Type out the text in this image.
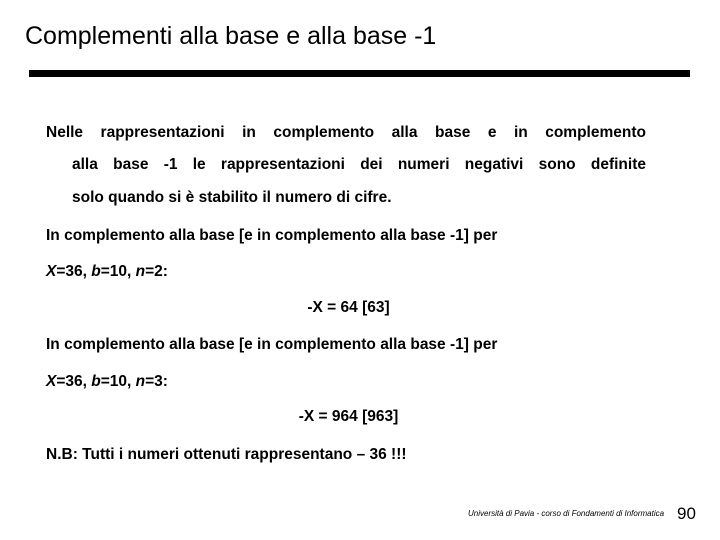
Complementi alla base e alla base -1
Nelle rappresentazioni in complemento alla base e in complemento
alla base -1 le rappresentazioni dei numeri negativi sono definite
solo quando si è stabilito il numero di cifre.
In complemento alla base [e in complemento alla base -1] per
X=36, b=10, n=2:
-X = 64 [63]
In complemento alla base [e in complemento alla base -1] per
X=36, b=10, n=3:
-X = 964 [963]
N.B: Tutti i numeri ottenuti rappresentano – 36 !!!
Università di Pavia - corso di Fondamenti di Informatica 90
